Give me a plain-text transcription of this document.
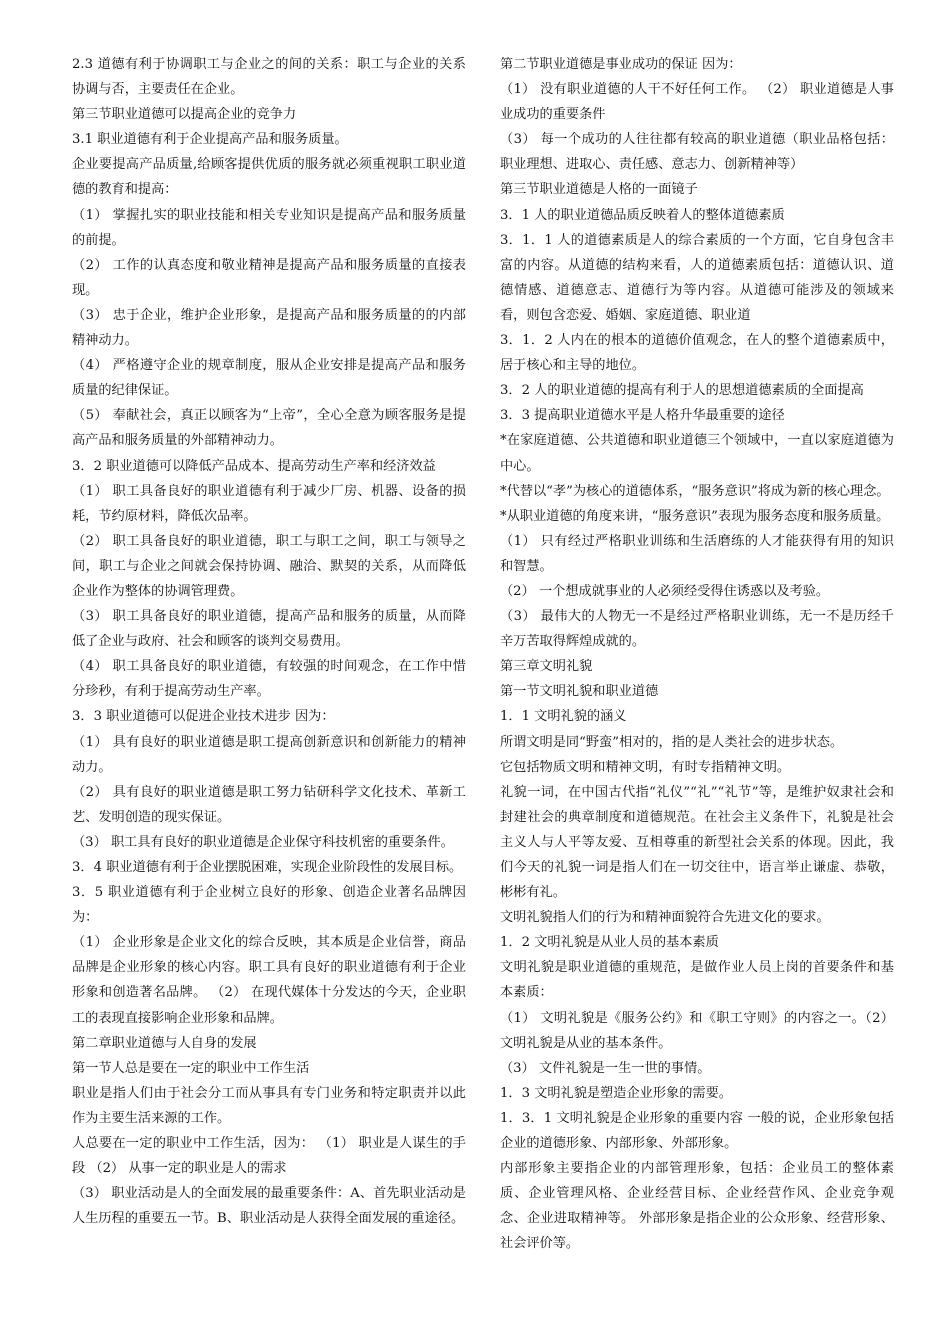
2.3 道德有利于协调职工与企业之的间的关系：职工与企业的关系协调与否，主要责任在企业。
第三节职业道德可以提高企业的竞争力
3.1 职业道德有利于企业提高产品和服务质量。
企业要提高产品质量,给顾客提供优质的服务就必须重视职工职业道德的教育和提高：
（1） 掌握扎实的职业技能和相关专业知识是提高产品和服务质量的前提。
（2） 工作的认真态度和敬业精神是提高产品和服务质量的直接表现。
（3） 忠于企业，维护企业形象，是提高产品和服务质量的的内部精神动力。
（4） 严格遵守企业的规章制度，服从企业安排是提高产品和服务质量的纪律保证。
（5） 奉献社会，真正以顾客为“上帝”，全心全意为顾客服务是提高产品和服务质量的外部精神动力。
3．2 职业道德可以降低产品成本、提高劳动生产率和经济效益
（1） 职工具备良好的职业道德有利于减少厂房、机器、设备的损耗，节约原材料，降低次品率。
（2） 职工具备良好的职业道德，职工与职工之间，职工与领导之间，职工与企业之间就会保持协调、融洽、默契的关系，从而降低企业作为整体的协调管理费。
（3） 职工具备良好的职业道德，提高产品和服务的质量，从而降低了企业与政府、社会和顾客的谈判交易费用。
（4） 职工具备良好的职业道德，有较强的时间观念，在工作中惜分珍秒，有利于提高劳动生产率。
3．3 职业道德可以促进企业技术进步 因为：
（1） 具有良好的职业道德是职工提高创新意识和创新能力的精神动力。
（2） 具有良好的职业道德是职工努力钻研科学文化技术、革新工艺、发明创造的现实保证。
（3） 职工具有良好的职业道德是企业保守科技机密的重要条件。
3．4 职业道德有利于企业摆脱困难，实现企业阶段性的发展目标。
3．5 职业道德有利于企业树立良好的形象、创造企业著名品牌因为：
（1） 企业形象是企业文化的综合反映，其本质是企业信誉，商品品牌是企业形象的核心内容。职工具有良好的职业道德有利于企业形象和创造著名品牌。 （2） 在现代媒体十分发达的今天，企业职工的表现直接影响企业形象和品牌。
第二章职业道德与人自身的发展
第一节人总是要在一定的职业中工作生活
职业是指人们由于社会分工而从事具有专门业务和特定职责并以此作为主要生活来源的工作。
人总要在一定的职业中工作生活，因为： （1） 职业是人谋生的手段 （2） 从事一定的职业是人的需求
（3） 职业活动是人的全面发展的最重要条件：A、首先职业活动是人生历程的重要五一节。B、职业活动是人获得全面发展的重途径。
第二节职业道德是事业成功的保证 因为：
（1） 没有职业道德的人干不好任何工作。 （2） 职业道德是人事业成功的重要条件
（3） 每一个成功的人往往都有较高的职业道德（职业品格包括：职业理想、进取心、责任感、意志力、创新精神等）
第三节职业道德是人格的一面镜子
3．1 人的职业道德品质反映着人的整体道德素质
3．1．1 人的道德素质是人的综合素质的一个方面，它自身包含丰富的内容。从道德的结构来看，人的道德素质包括：道德认识、道德情感、道德意志、道德行为等内容。从道德可能涉及的领域来看，则包含恋爱、婚姻、家庭道德、职业道
3．1．2 人内在的根本的道德价值观念，在人的整个道德素质中，居于核心和主导的地位。
3．2 人的职业道德的提高有利于人的思想道德素质的全面提高
3．3 提高职业道德水平是人格升华最重要的途径
*在家庭道德、公共道德和职业道德三个领域中，一直以家庭道德为中心。
*代替以“孝”为核心的道德体系，“服务意识”将成为新的核心理念。
*从职业道德的角度来讲，“服务意识”表现为服务态度和服务质量。
（1） 只有经过严格职业训练和生活磨练的人才能获得有用的知识和智慧。
（2） 一个想成就事业的人必须经受得住诱惑以及考验。
（3） 最伟大的人物无一不是经过严格职业训练，无一不是历经千辛万苦取得辉煌成就的。
第三章文明礼貌
第一节文明礼貌和职业道德
1．1 文明礼貌的涵义
所谓文明是同“野蛮”相对的，指的是人类社会的进步状态。
它包括物质文明和精神文明，有时专指精神文明。
礼貌一词，在中国古代指“礼仪”“礼”“礼节”等，是维护奴隶社会和封建社会的典章制度和道德规范。在社会主义条件下，礼貌是社会主义人与人平等友爱、互相尊重的新型社会关系的体现。因此，我们今天的礼貌一词是指人们在一切交往中，语言举止谦虚、恭敬，彬彬有礼。
文明礼貌指人们的行为和精神面貌符合先进文化的要求。
1．2 文明礼貌是从业人员的基本素质
文明礼貌是职业道德的重规范，是做作业人员上岗的首要条件和基本素质：
（1） 文明礼貌是《服务公约》和《职工守则》的内容之一。（2）文明礼貌是从业的基本条件。
（3） 文件礼貌是一生一世的事情。
1．3 文明礼貌是塑造企业形象的需要。
1．3．1 文明礼貌是企业形象的重要内容 一般的说，企业形象包括企业的道德形象、内部形象、外部形象。
内部形象主要指企业的内部管理形象，包括：企业员工的整体素质、企业管理风格、企业经营目标、企业经营作风、企业竞争观念、企业进取精神等。 外部形象是指企业的公众形象、经营形象、社会评价等。
